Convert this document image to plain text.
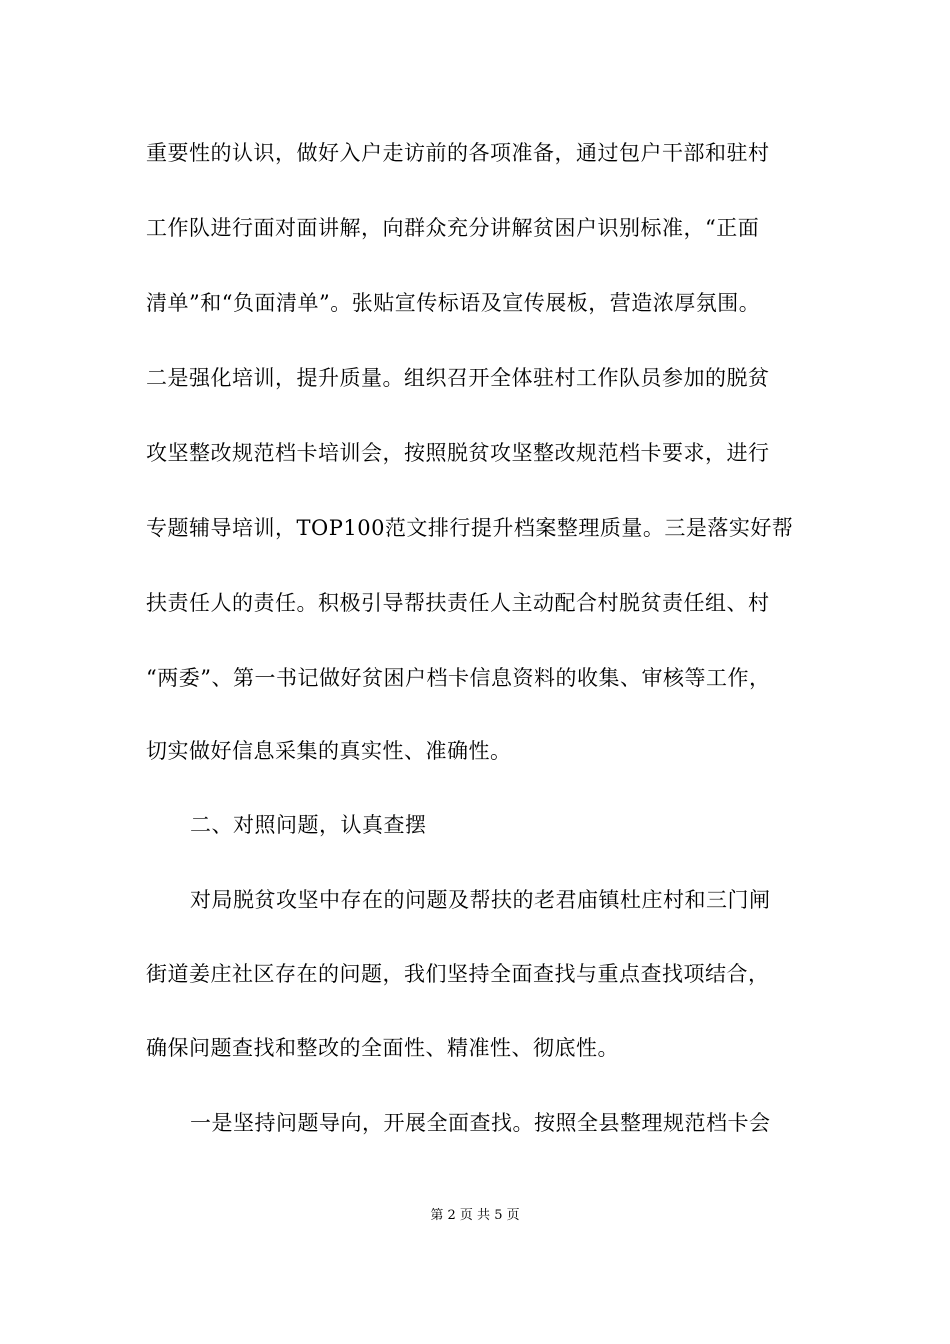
重要性的认识，做好入户走访前的各项准备，通过包户干部和驻村
工作队进行面对面讲解，向群众充分讲解贫困户识别标准，“正面
清单”和“负面清单”。张贴宣传标语及宣传展板，营造浓厚氛围。
二是强化培训，提升质量。组织召开全体驻村工作队员参加的脱贫
攻坚整改规范档卡培训会，按照脱贫攻坚整改规范档卡要求，进行
专题辅导培训，TOP100范文排行提升档案整理质量。三是落实好帮
扶责任人的责任。积极引导帮扶责任人主动配合村脱贫责任组、村
“两委”、第一书记做好贫困户档卡信息资料的收集、审核等工作，
切实做好信息采集的真实性、准确性。
二、对照问题，认真查摆
对局脱贫攻坚中存在的问题及帮扶的老君庙镇杜庄村和三门闸
街道姜庄社区存在的问题，我们坚持全面查找与重点查找项结合，
确保问题查找和整改的全面性、精准性、彻底性。
一是坚持问题导向，开展全面查找。按照全县整理规范档卡会
第 2 页 共 5 页
